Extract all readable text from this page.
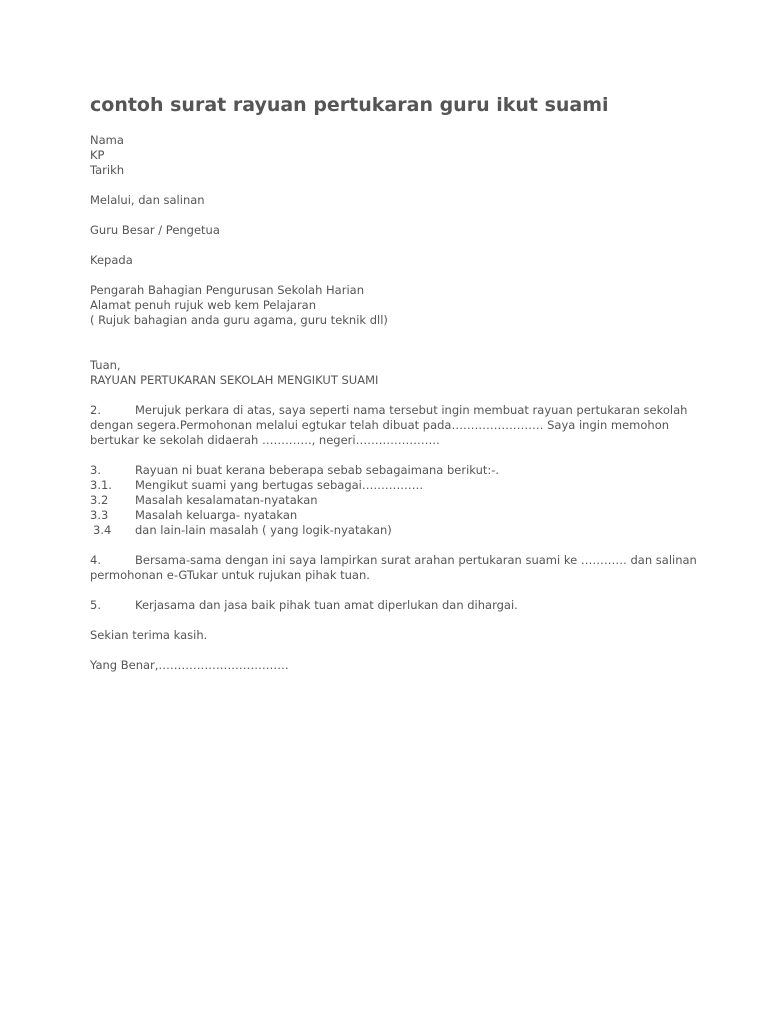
contoh surat rayuan pertukaran guru ikut suami
Nama
KP
Tarikh
Melalui, dan salinan
Guru Besar / Pengetua
Kepada
Pengarah Bahagian Pengurusan Sekolah Harian
Alamat penuh rujuk web kem Pelajaran
( Rujuk bahagian anda guru agama, guru teknik dll)
Tuan,
RAYUAN PERTUKARAN SEKOLAH MENGIKUT SUAMI
2.	Merujuk perkara di atas, saya seperti nama tersebut ingin membuat rayuan pertukaran sekolah
dengan segera.Permohonan melalui egtukar telah dibuat pada…………………… Saya ingin memohon
bertukar ke sekolah didaerah …………., negeri………………….
3.	Rayuan ni buat kerana beberapa sebab sebagaimana berikut:-.
3.1. Mengikut suami yang bertugas sebagai…………….
3.2 Masalah kesalamatan-nyatakan
3.3 Masalah keluarga- nyatakan
3.4 dan lain-lain masalah ( yang logik-nyatakan)
4.	Bersama-sama dengan ini saya lampirkan surat arahan pertukaran suami ke ………… dan salinan
permohonan e-GTukar untuk rujukan pihak tuan.
5.	Kerjasama dan jasa baik pihak tuan amat diperlukan dan dihargai.
Sekian terima kasih.
Yang Benar,…………………………….
